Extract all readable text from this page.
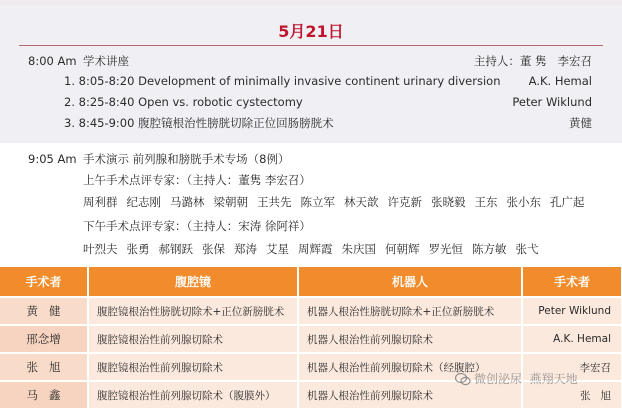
5月21日
8:00 Am 学术讲座	主持人：董 隽   李宏召
1. 8:05-8:20 Development of minimally invasive continent urinary diversion A.K. Hemal
2. 8:25-8:40 Open vs. robotic cystectomy	Peter Wiklund
3. 8:45-9:00 腹腔镜根治性膀胱切除正位回肠膀胱术	黄健
9:05 Am 手术演示 前列腺和膀胱手术专场（8例）
上午手术点评专家：（主持人：董隽 李宏召）
周利群 纪志刚 马潞林 梁朝朝 王共先 陈立军 林天歆 许克新 张晓毅 王东 张小东 孔广起
下午手术点评专家：（主持人：宋涛 徐阿祥）
叶烈夫 张勇 郝钢跃 张保 郑涛 艾星 周辉霞 朱庆国 何朝辉 罗光恒 陈方敏 张弋
手术者	腹腔镜	机器人	手术者
黄   健	腹腔镜根治性膀胱切除术+正位新膀胱术	机器人根治性膀胱切除术+正位新膀胱术	Peter Wiklund
邢念增	腹腔镜根治性前列腺切除术	机器人根治性前列腺切除术	A.K. Hemal
张   旭	腹腔镜根治性前列腺切除术	机器人根治性前列腺切除术（经腹腔）	李宏召
马   鑫	腹腔镜根治性前列腺切除术（腹膜外）	机器人根治性前列腺切除术	张   旭
微创泌尿  燕翔天地
